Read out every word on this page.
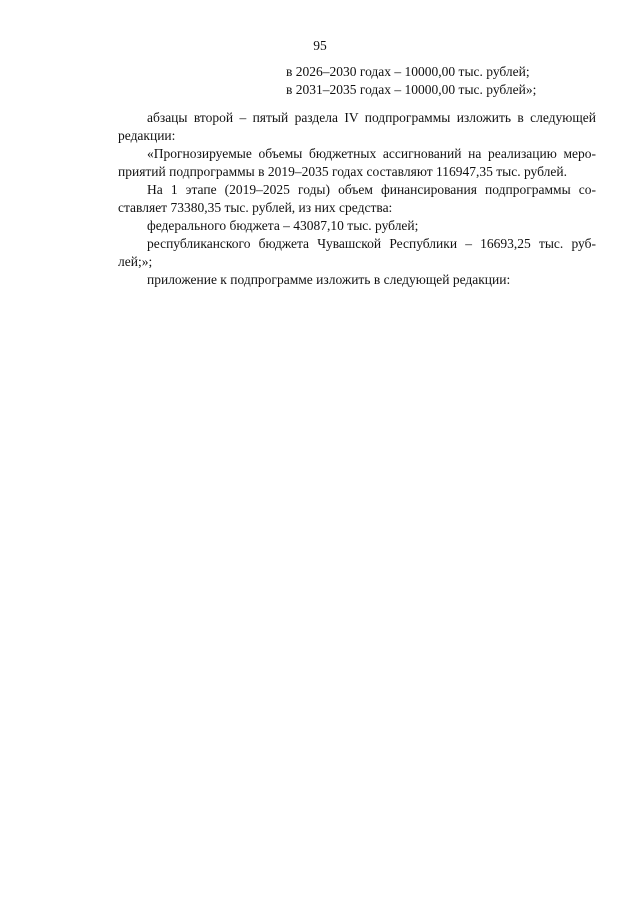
95
в 2026–2030 годах – 10000,00 тыс. рублей;
в 2031–2035 годах – 10000,00 тыс. рублей»;
абзацы второй – пятый раздела IV подпрограммы изложить в следующей
редакции:
«Прогнозируемые объемы бюджетных ассигнований на реализацию меро-
приятий подпрограммы в 2019–2035 годах составляют 116947,35 тыс. рублей.
На 1 этапе (2019–2025 годы) объем финансирования подпрограммы со-
ставляет 73380,35 тыс. рублей, из них средства:
федерального бюджета – 43087,10 тыс. рублей;
республиканского бюджета Чувашской Республики – 16693,25 тыс. руб-
лей;»;
приложение к подпрограмме изложить в следующей редакции:
